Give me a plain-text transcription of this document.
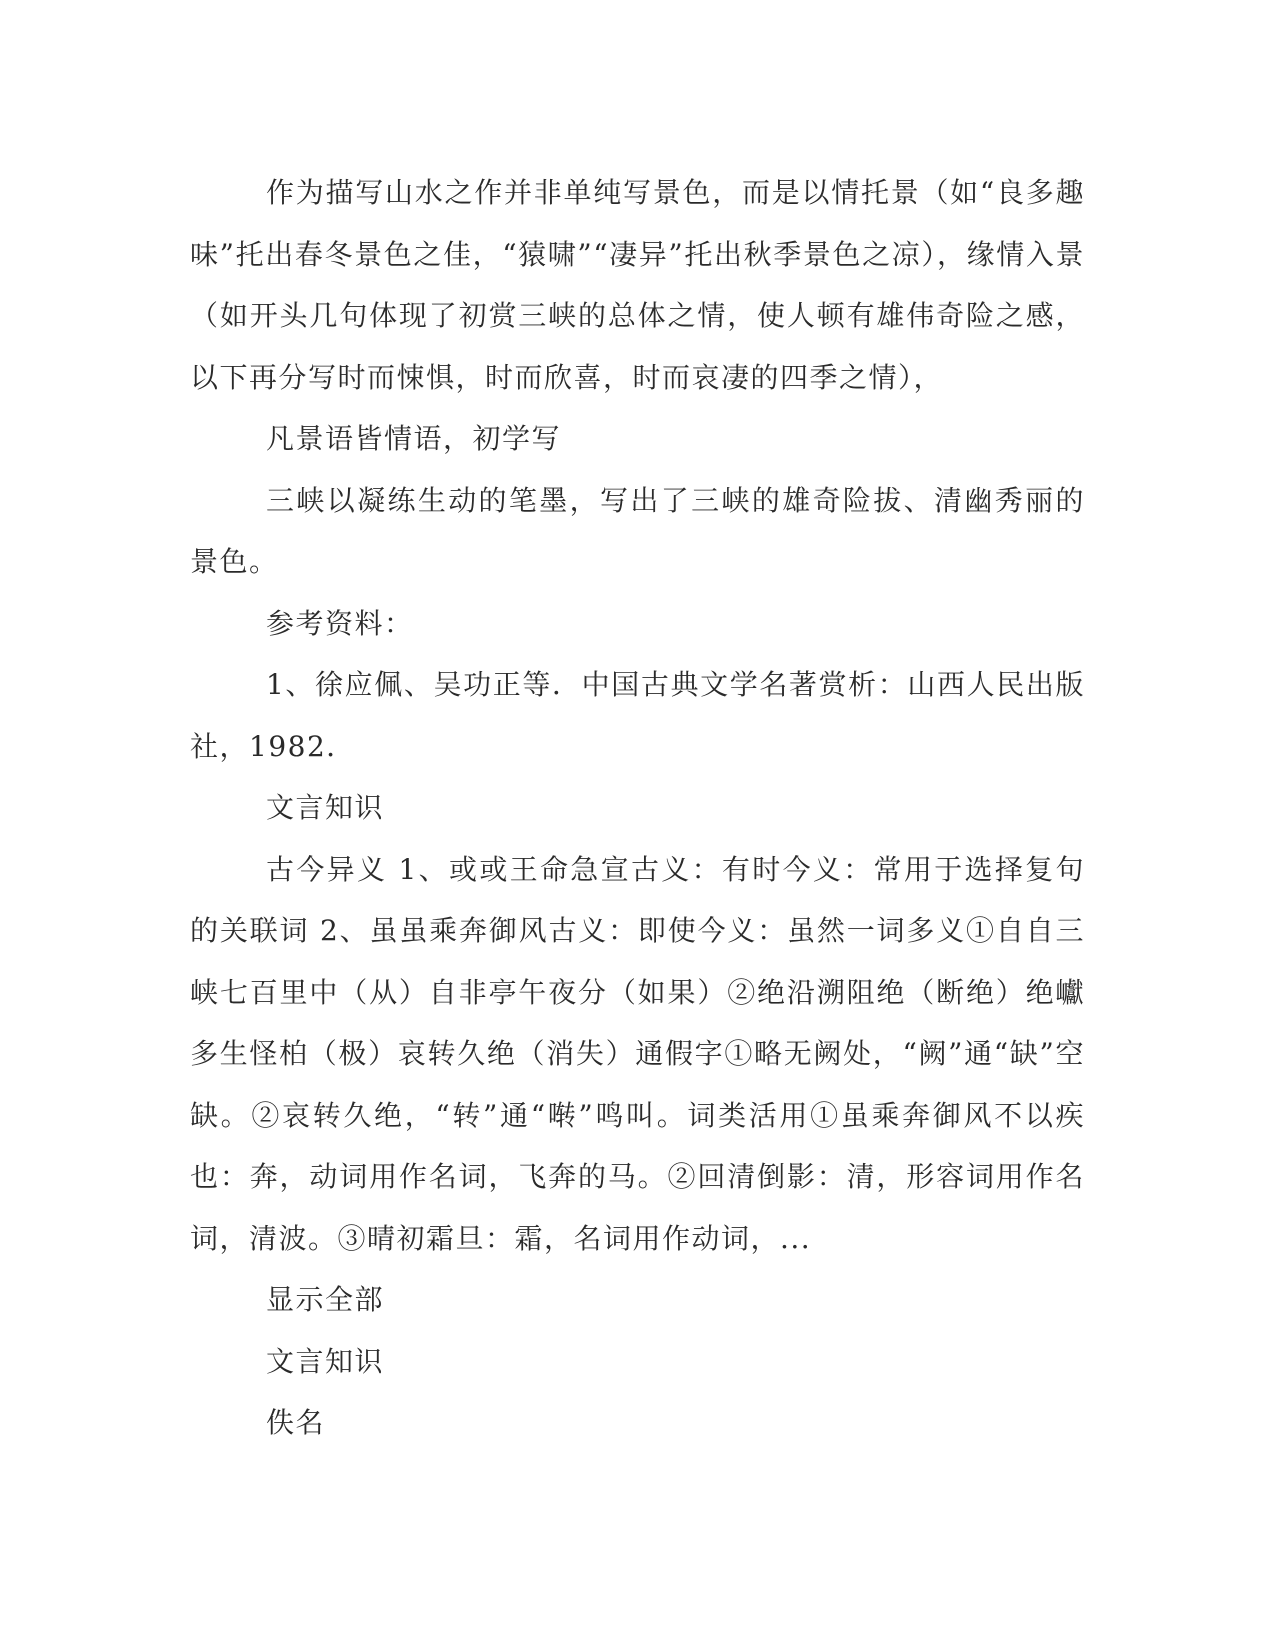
作为描写山水之作并非单纯写景色，而是以情托景（如“良多趣味”托出春冬景色之佳，“猿啸”“凄异”托出秋季景色之凉），缘情入景（如开头几句体现了初赏三峡的总体之情，使人顿有雄伟奇险之感，以下再分写时而悚惧，时而欣喜，时而哀凄的四季之情），

凡景语皆情语，初学写

三峡以凝练生动的笔墨，写出了三峡的雄奇险拔、清幽秀丽的景色。

参考资料：

1、徐应佩、吴功正等．中国古典文学名著赏析：山西人民出版社，1982．

文言知识

古今异义 1、或或王命急宣古义：有时今义：常用于选择复句的关联词 2、虽虽乘奔御风古义：即使今义：虽然一词多义①自自三峡七百里中（从）自非亭午夜分（如果）②绝沿溯阻绝（断绝）绝巘多生怪柏（极）哀转久绝（消失）通假字①略无阙处，“阙”通“缺”空缺。②哀转久绝，“转”通“啭”鸣叫。词类活用①虽乘奔御风不以疾也：奔，动词用作名词，飞奔的马。②回清倒影：清，形容词用作名词，清波。③晴初霜旦：霜，名词用作动词，...

显示全部

文言知识

佚名
